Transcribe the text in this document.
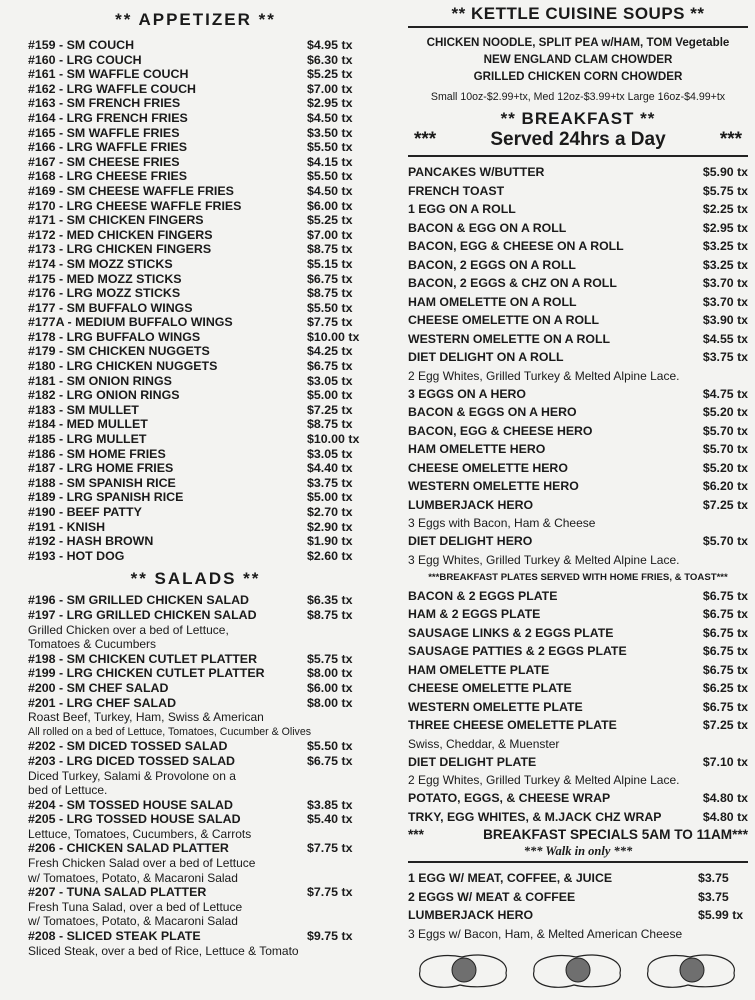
** APPETIZER **
#159 - SM COUCH	$4.95 tx
#160 - LRG COUCH	$6.30 tx
#161 - SM WAFFLE COUCH	$5.25 tx
#162 - LRG WAFFLE COUCH	$7.00 tx
#163 - SM FRENCH FRIES	$2.95 tx
#164 - LRG FRENCH FRIES	$4.50 tx
#165 - SM WAFFLE FRIES	$3.50 tx
#166 - LRG WAFFLE FRIES	$5.50 tx
#167 - SM CHEESE FRIES	$4.15 tx
#168 - LRG CHEESE FRIES	$5.50 tx
#169 - SM CHEESE WAFFLE FRIES	$4.50 tx
#170 - LRG CHEESE WAFFLE FRIES	$6.00 tx
#171 - SM CHICKEN FINGERS	$5.25 tx
#172 - MED CHICKEN FINGERS	$7.00 tx
#173 - LRG CHICKEN FINGERS	$8.75 tx
#174 - SM MOZZ STICKS	$5.15 tx
#175 - MED MOZZ STICKS	$6.75 tx
#176 - LRG MOZZ STICKS	$8.75 tx
#177 - SM BUFFALO WINGS	$5.50 tx
#177A - MEDIUM BUFFALO WINGS	$7.75 tx
#178 - LRG BUFFALO WINGS	$10.00 tx
#179 - SM CHICKEN NUGGETS	$4.25 tx
#180 - LRG CHICKEN NUGGETS	$6.75 tx
#181 - SM ONION RINGS	$3.05 tx
#182 - LRG ONION RINGS	$5.00 tx
#183 - SM MULLET	$7.25 tx
#184 - MED MULLET	$8.75 tx
#185 - LRG MULLET	$10.00 tx
#186 - SM HOME FRIES	$3.05 tx
#187 - LRG HOME FRIES	$4.40 tx
#188 - SM SPANISH RICE	$3.75 tx
#189 - LRG SPANISH RICE	$5.00 tx
#190 - BEEF PATTY	$2.70 tx
#191 - KNISH	$2.90 tx
#192 - HASH BROWN	$1.90 tx
#193 - HOT DOG	$2.60 tx
** SALADS **
#196 - SM GRILLED CHICKEN SALAD	$6.35 tx
#197 - LRG GRILLED CHICKEN SALAD	$8.75 tx
Grilled Chicken over a bed of Lettuce,
Tomatoes & Cucumbers
#198 - SM CHICKEN CUTLET PLATTER	$5.75 tx
#199 - LRG CHICKEN CUTLET PLATTER	$8.00 tx
#200 - SM CHEF SALAD	$6.00 tx
#201 - LRG CHEF SALAD	$8.00 tx
Roast Beef, Turkey, Ham, Swiss & American
All rolled on a bed of Lettuce, Tomatoes, Cucumber & Olives
#202 - SM DICED TOSSED SALAD	$5.50 tx
#203 - LRG DICED TOSSED SALAD	$6.75 tx
Diced Turkey, Salami & Provolone on a
bed of Lettuce.
#204 - SM TOSSED HOUSE SALAD	$3.85 tx
#205 - LRG TOSSED HOUSE SALAD	$5.40 tx
Lettuce, Tomatoes, Cucumbers, & Carrots
#206 - CHICKEN SALAD PLATTER	$7.75 tx
Fresh Chicken Salad over a bed of Lettuce
w/ Tomatoes, Potato, & Macaroni Salad
#207 - TUNA SALAD PLATTER	$7.75 tx
Fresh Tuna Salad, over a bed of Lettuce
w/ Tomatoes, Potato, & Macaroni Salad
#208 - SLICED STEAK PLATE	$9.75 tx
Sliced Steak, over a bed of Rice, Lettuce & Tomato
** KETTLE CUISINE SOUPS **
CHICKEN NOODLE, SPLIT PEA w/HAM, TOM Vegetable
NEW ENGLAND CLAM CHOWDER
GRILLED CHICKEN CORN CHOWDER
Small 10oz-$2.99+tx, Med 12oz-$3.99+tx Large 16oz-$4.99+tx
** BREAKFAST **
***	Served 24hrs a Day	***
PANCAKES W/BUTTER	$5.90 tx
FRENCH TOAST	$5.75 tx
1 EGG ON A ROLL	$2.25 tx
BACON & EGG ON A ROLL	$2.95 tx
BACON, EGG & CHEESE ON A ROLL	$3.25 tx
BACON, 2 EGGS ON A ROLL	$3.25 tx
BACON, 2 EGGS & CHZ ON A ROLL	$3.70 tx
HAM OMELETTE ON A ROLL	$3.70 tx
CHEESE OMELETTE ON A ROLL	$3.90 tx
WESTERN OMELETTE ON A ROLL	$4.55 tx
DIET DELIGHT ON A ROLL	$3.75 tx
2 Egg Whites, Grilled Turkey & Melted Alpine Lace.
3 EGGS ON A HERO	$4.75 tx
BACON & EGGS ON A HERO	$5.20 tx
BACON, EGG & CHEESE HERO	$5.70 tx
HAM OMELETTE HERO	$5.70 tx
CHEESE OMELETTE HERO	$5.20 tx
WESTERN OMELETTE HERO	$6.20 tx
LUMBERJACK HERO	$7.25 tx
3 Eggs with Bacon, Ham & Cheese
DIET DELIGHT HERO	$5.70 tx
3 Egg Whites, Grilled Turkey & Melted Alpine Lace.
***BREAKFAST PLATES SERVED WITH HOME FRIES, & TOAST***
BACON & 2 EGGS PLATE	$6.75 tx
HAM & 2 EGGS PLATE	$6.75 tx
SAUSAGE LINKS & 2 EGGS PLATE	$6.75 tx
SAUSAGE PATTIES & 2 EGGS PLATE	$6.75 tx
HAM OMELETTE PLATE	$6.75 tx
CHEESE OMELETTE PLATE	$6.25 tx
WESTERN OMELETTE PLATE	$6.75 tx
THREE CHEESE OMELETTE PLATE	$7.25 tx
Swiss, Cheddar, & Muenster
DIET DELIGHT PLATE	$7.10 tx
2 Egg Whites, Grilled Turkey & Melted Alpine Lace.
POTATO, EGGS, & CHEESE WRAP	$4.80 tx
TRKY, EGG WHITES, & M.JACK CHZ WRAP	$4.80 tx
***	BREAKFAST SPECIALS 5AM TO 11AM***
*** Walk in only ***
1 EGG W/ MEAT, COFFEE, & JUICE	$3.75
2 EGGS W/ MEAT & COFFEE	$3.75
LUMBERJACK HERO	$5.99 tx
3 Eggs w/ Bacon, Ham, & Melted American Cheese
